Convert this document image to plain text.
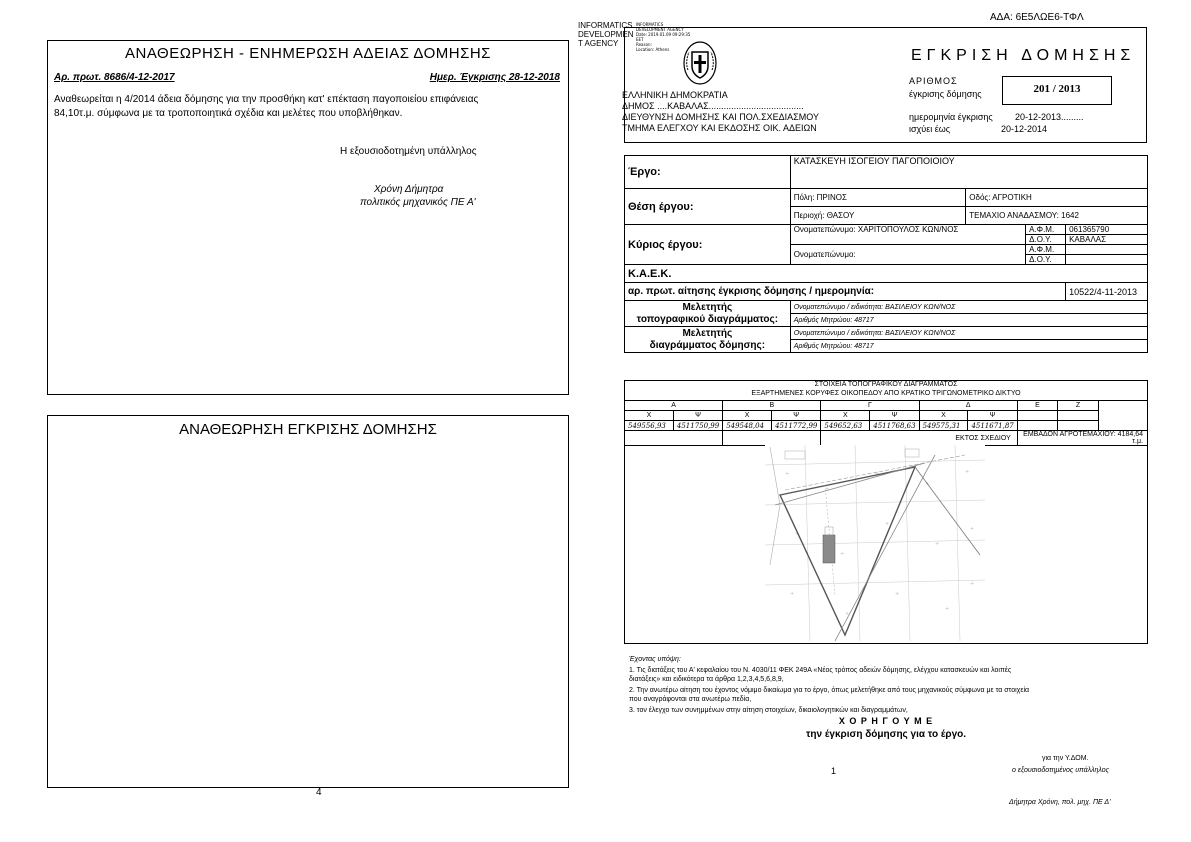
ΑΔΑ: 6Ε5ΛΩΕ6-ΤΦΛ
ΑΝΑΘΕΩΡΗΣΗ - ΕΝΗΜΕΡΩΣΗ ΑΔΕΙΑΣ ΔΟΜΗΣΗΣ
Αρ. πρωτ. 8686/4-12-2017	Ημερ. Έγκρισης 28-12-2018
Αναθεωρείται η 4/2014 άδεια δόμησης για την προσθήκη κατ' επέκταση παγοποιείου επιφάνειας
84,10τ.μ. σύμφωνα με τα τροποποιητικά σχέδια και μελέτες που υποβλήθηκαν.
Η εξουσιοδοτημένη υπάλληλος
Χρόνη Δήμητρα
πολιτικός μηχανικός ΠΕ Α'
ΑΝΑΘΕΩΡΗΣΗ ΕΓΚΡΙΣΗΣ ΔΟΜΗΣΗΣ
4
INFORMATICS
DEVELOPMEN
T AGENCY
INFORMATICS
DEVELOPMENT AGENCY
Date: 2019.01.09 09:29:35
EET
Reason:
Location: Athens
ΕΛΛΗΝΙΚΗ ΔΗΜΟΚΡΑΤΙΑ
ΔΗΜΟΣ ....ΚΑΒΑΛΑΣ......................................
ΔΙΕΥΘΥΝΣΗ ΔΟΜΗΣΗΣ ΚΑΙ ΠΟΛ.ΣΧΕΔΙΑΣΜΟΥ
ΤΜΗΜΑ ΕΛΕΓΧΟΥ ΚΑΙ ΕΚΔΟΣΗΣ ΟΙΚ. ΑΔΕΙΩΝ
ΕΓΚΡΙΣΗ ΔΟΜΗΣΗΣ
ΑΡΙΘΜΟΣ
έγκρισης δόμησης	201 / 2013
ημερομηνία έγκρισης 20-12-2013.........
ισχύει έως	20-12-2014
Έργο:	ΚΑΤΑΣΚΕΥΗ ΙΣΟΓΕΙΟΥ ΠΑΓΟΠΟΙΟΙΟΥ			
Θέση έργου:	Πόλη: ΠΡΙΝΟΣ	Οδός: ΑΓΡΟΤΙΚΗ		
	Περιοχή: ΘΑΣΟΥ	ΤΕΜΑΧΙΟ ΑΝΑΔΑΣΜΟΥ: 1642		
Κύριος έργου:	Ονοματεπώνυμο: ΧΑΡΙΤΟΠΟΥΛΟΣ ΚΩΝ/ΝΟΣ		Α.Φ.Μ.	061365790
			Δ.Ο.Υ.	ΚΑΒΑΛΑΣ
	Ονοματεπώνυμο:		Α.Φ.Μ.	
			Δ.Ο.Υ.	
Κ.Α.Ε.Κ.				
αρ. πρωτ. αίτησης έγκρισης δόμησης / ημερομηνία:				10522/4-11-2013
Μελετητής
τοπογραφικού διαγράμματος:	Ονοματεπώνυμο / ειδικότητα: ΒΑΣΙΛΕΙΟΥ ΚΩΝ/ΝΟΣ			
	Αριθμός Μητρώου: 48717			
Μελετητής
διαγράμματος δόμησης:	Ονοματεπώνυμο / ειδικότητα: ΒΑΣΙΛΕΙΟΥ ΚΩΝ/ΝΟΣ			
	Αριθμός Μητρώου: 48717			
ΣΤΟΙΧΕΙΑ ΤΟΠΟΓΡΑΦΙΚΟΥ ΔΙΑΓΡΑΜΜΑΤΟΣ
ΕΞΑΡΤΗΜΕΝΕΣ ΚΟΡΥΦΕΣ ΟΙΚΟΠΕΔΟΥ ΑΠΟ ΚΡΑΤΙΚΟ ΤΡΙΓΩΝΟΜΕΤΡΙΚΟ ΔΙΚΤΥΟ
Α		Β		Γ		Δ		Ε	Ζ	
Χ	Ψ	Χ	Ψ	Χ	Ψ	Χ	Ψ			
549556,93	4511750,99	549548,04	4511772,99	549652,63	4511768,63	549575,31	4511671,87			
				ΕΚΤΟΣ ΣΧΕΔΙΟΥ				ΕΜΒΑΔΟΝ ΑΓΡΟΤΕΜΑΧΙΟΥ: 4184,64 τ.μ.		
+
+
+
+
+
+
+
+
+
+
+
+
+
+
+
Έχοντας υπόψη:
1. Τις διατάξεις του Α' κεφαλαίου του Ν. 4030/11 ΦΕΚ 249Α «Νέος τρόπος αδειών δόμησης, ελέγχου κατασκευών και λοιπές
διατάξεις» και ειδικότερα τα άρθρα 1,2,3,4,5,6,8,9,
2. Την ανωτέρω αίτηση του έχοντος νόμιμο δικαίωμα για το έργο, όπως μελετήθηκε από τους μηχανικούς σύμφωνα με τα στοιχεία
που αναγράφονται στα ανωτέρω πεδία,
3. τον έλεγχο των συνημμένων στην αίτηση στοιχείων, δικαιολογητικών και διαγραμμάτων,
Χ Ο Ρ Η Γ Ο Υ Μ Ε
την έγκριση δόμησης για το έργο.
για την Υ.ΔΟΜ.
1	ο εξουσιοδοτημένος υπάλληλος
Δήμητρα Χρόνη, πολ. μηχ. ΠΕ Δ'
